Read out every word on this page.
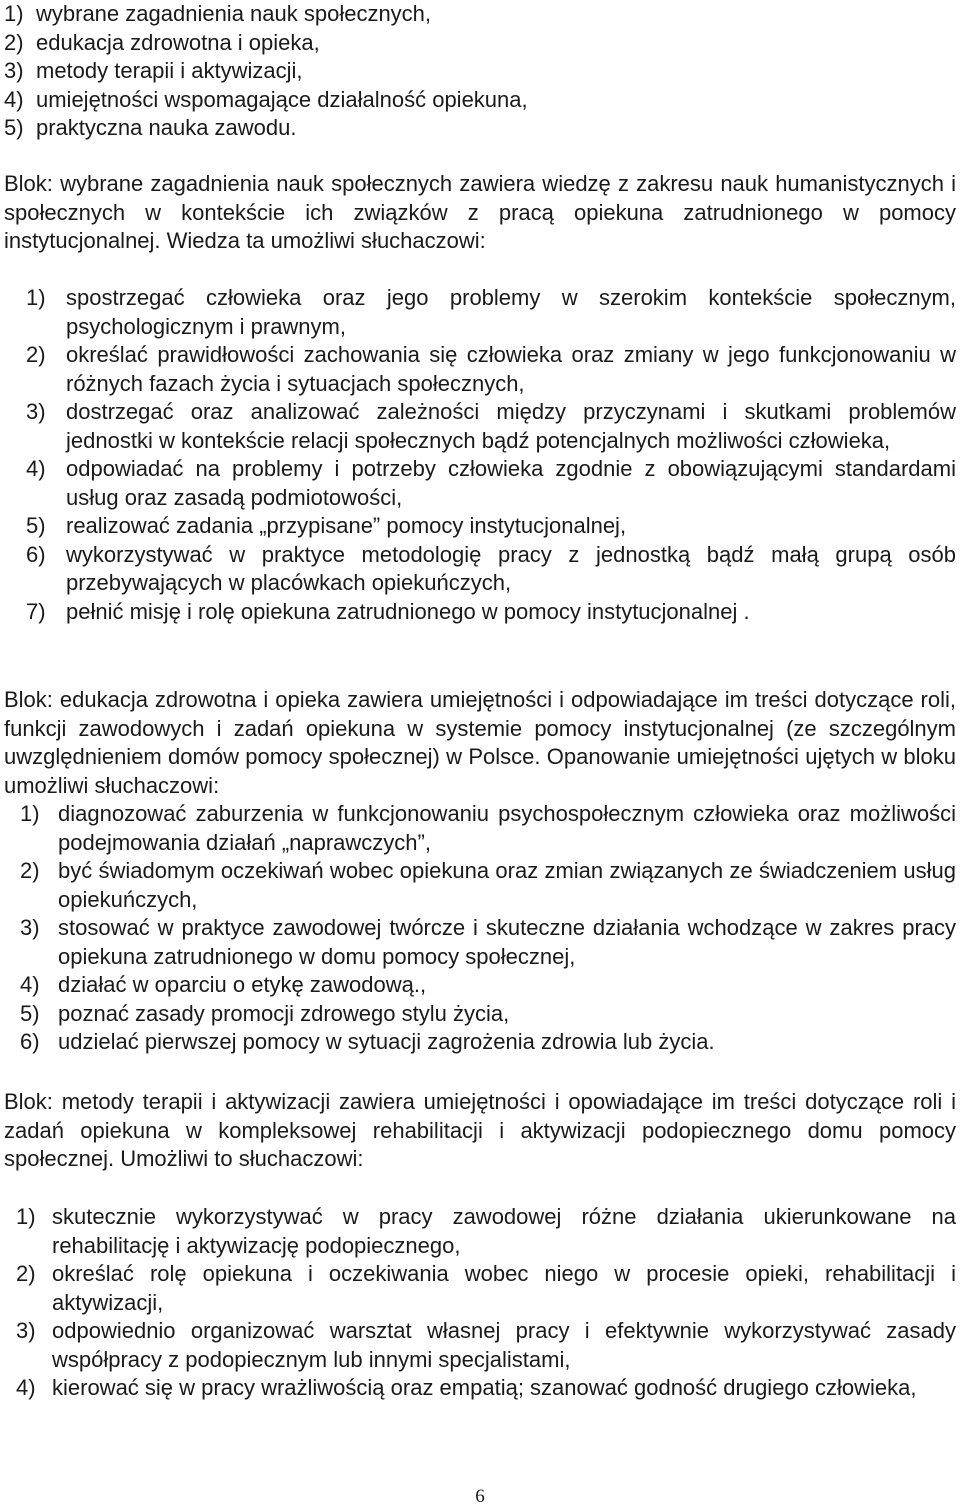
1) wybrane zagadnienia nauk społecznych,
2) edukacja zdrowotna i opieka,
3) metody terapii i aktywizacji,
4) umiejętności wspomagające działalność opiekuna,
5) praktyczna nauka zawodu.
Blok: wybrane zagadnienia nauk społecznych zawiera wiedzę z zakresu nauk humanistycznych i społecznych w kontekście ich związków z pracą opiekuna zatrudnionego w pomocy instytucjonalnej. Wiedza ta umożliwi słuchaczowi:
1) spostrzegać człowieka oraz jego problemy w szerokim kontekście społecznym, psychologicznym i prawnym,
2) określać prawidłowości zachowania się człowieka oraz zmiany w jego funkcjonowaniu w różnych fazach życia i sytuacjach społecznych,
3) dostrzegać oraz analizować zależności między przyczynami i skutkami problemów jednostki w kontekście relacji społecznych bądź potencjalnych możliwości człowieka,
4) odpowiadać na problemy i potrzeby człowieka zgodnie z obowiązującymi standardami usług oraz zasadą podmiotowości,
5) realizować zadania „przypisane” pomocy instytucjonalnej,
6) wykorzystywać w praktyce metodologię pracy z jednostką bądź małą grupą osób przebywających w placówkach opiekuńczych,
7) pełnić misję i rolę opiekuna zatrudnionego w pomocy instytucjonalnej .
Blok: edukacja zdrowotna i opieka zawiera umiejętności i odpowiadające im treści dotyczące roli, funkcji zawodowych i zadań opiekuna w systemie pomocy instytucjonalnej (ze szczególnym uwzględnieniem domów pomocy społecznej) w Polsce. Opanowanie umiejętności ujętych w bloku umożliwi słuchaczowi:
1) diagnozować zaburzenia w funkcjonowaniu psychospołecznym człowieka oraz możliwości podejmowania działań „naprawczych”,
2) być świadomym oczekiwań wobec opiekuna oraz zmian związanych ze świadczeniem usług opiekuńczych,
3) stosować w praktyce zawodowej twórcze i skuteczne działania wchodzące w zakres pracy opiekuna zatrudnionego w domu pomocy społecznej,
4) działać w oparciu o etykę zawodową.,
5) poznać zasady promocji zdrowego stylu życia,
6) udzielać pierwszej pomocy w sytuacji zagrożenia zdrowia lub życia.
Blok: metody terapii i aktywizacji zawiera umiejętności i opowiadające im treści dotyczące roli i zadań opiekuna w kompleksowej rehabilitacji i aktywizacji podopiecznego domu pomocy społecznej. Umożliwi to słuchaczowi:
1) skutecznie wykorzystywać w pracy zawodowej różne działania ukierunkowane na rehabilitację i aktywizację podopiecznego,
2) określać rolę opiekuna i oczekiwania wobec niego w procesie opieki, rehabilitacji i aktywizacji,
3) odpowiednio organizować warsztat własnej pracy i efektywnie wykorzystywać zasady współpracy z podopiecznym lub innymi specjalistami,
4) kierować się w pracy wrażliwością oraz empatią; szanować godność drugiego człowieka,
6
